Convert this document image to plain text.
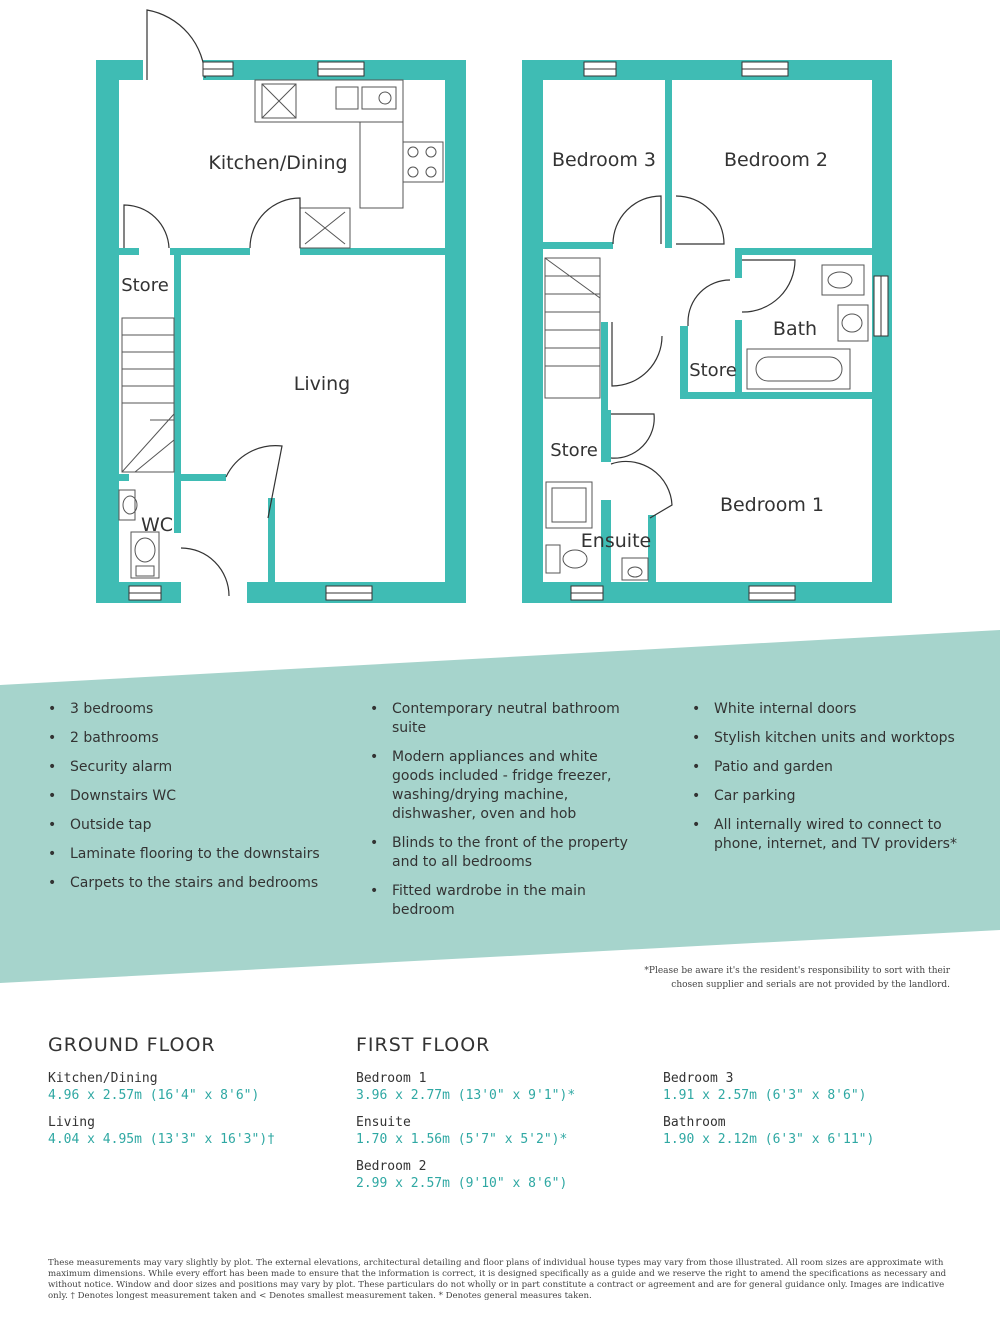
Kitchen/Dining
Store
Living
WC
Bedroom 3	Bedroom 2
Bath
Store
Store
Bedroom 1
Ensuite
• 3 bedrooms
• 2 bathrooms
• Security alarm
• Downstairs WC
• Outside tap
• Laminate flooring to the downstairs
• Carpets to the stairs and bedrooms
• Contemporary neutral bathroom suite
• Modern appliances and white goods included - fridge freezer, washing/drying machine, dishwasher, oven and hob
• Blinds to the front of the property and to all bedrooms
• Fitted wardrobe in the main bedroom
• White internal doors
• Stylish kitchen units and worktops
• Patio and garden
• Car parking
• All internally wired to connect to phone, internet, and TV providers*
*Please be aware it's the resident's responsibility to sort with their chosen supplier and serials are not provided by the landlord.
GROUND FLOOR	FIRST FLOOR
Kitchen/Dining
4.96 x 2.57m (16'4" x 8'6")
Living
4.04 x 4.95m (13'3" x 16'3")†
Bedroom 1
3.96 x 2.77m (13'0" x 9'1")*
Ensuite
1.70 x 1.56m (5'7" x 5'2")*
Bedroom 2
2.99 x 2.57m (9'10" x 8'6")
Bedroom 3
1.91 x 2.57m (6'3" x 8'6")
Bathroom
1.90 x 2.12m (6'3" x 6'11")
These measurements may vary slightly by plot. The external elevations, architectural detailing and floor plans of individual house types may vary from those illustrated. All room sizes are approximate with maximum dimensions. While every effort has been made to ensure that the information is correct, it is designed specifically as a guide and we reserve the right to amend the specifications as necessary and without notice. Window and door sizes and positions may vary by plot. These particulars do not wholly or in part constitute a contract or agreement and are for general guidance only. Images are indicative only. † Denotes longest measurement taken and < Denotes smallest measurement taken. * Denotes general measures taken.
